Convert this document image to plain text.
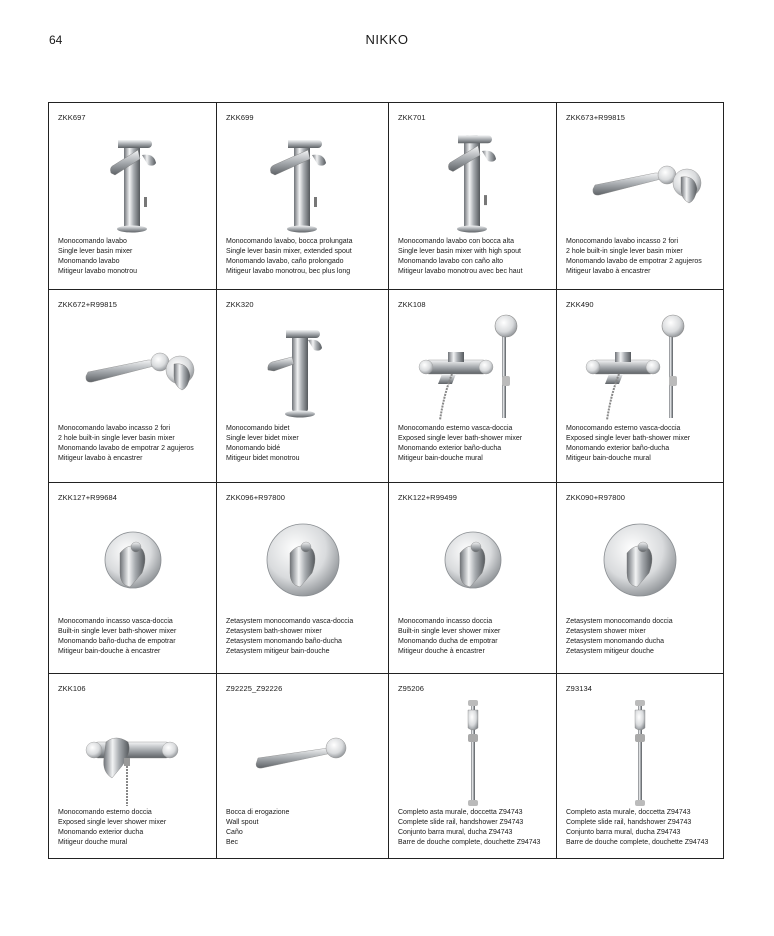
64	NIKKO
ZKK697
Monocomando lavabo
Single lever basin mixer
Monomando lavabo
Mitigeur lavabo monotrou
ZKK699
Monocomando lavabo, bocca prolungata
Single lever basin mixer, extended spout
Monomando lavabo, caño prolongado
Mitigeur lavabo monotrou, bec plus long
ZKK701
Monocomando lavabo con bocca alta
Single lever basin mixer with high spout
Monomando lavabo con caño alto
Mitigeur lavabo monotrou avec bec haut
ZKK673+R99815
Monocomando lavabo incasso 2 fori
2 hole built-in single lever basin mixer
Monomando lavabo de empotrar 2 agujeros
Mitigeur lavabo à encastrer
ZKK672+R99815
Monocomando lavabo incasso 2 fori
2 hole built-in single lever basin mixer
Monomando lavabo de empotrar 2 agujeros
Mitigeur lavabo à encastrer
ZKK320
Monocomando bidet
Single lever bidet mixer
Monomando bidé
Mitigeur bidet monotrou
ZKK108
Monocomando esterno vasca-doccia
Exposed single lever bath-shower mixer
Monomando exterior baño-ducha
Mitigeur bain-douche mural
ZKK490
Monocomando esterno vasca-doccia
Exposed single lever bath-shower mixer
Monomando exterior baño-ducha
Mitigeur bain-douche mural
ZKK127+R99684
Monocomando incasso vasca-doccia
Built-in single lever bath-shower mixer
Monomando baño-ducha de empotrar
Mitigeur bain-douche à encastrer
ZKK096+R97800
Zetasystem monocomando vasca-doccia
Zetasystem bath-shower mixer
Zetasystem monomando baño-ducha
Zetasystem mitigeur bain-douche
ZKK122+R99499
Monocomando incasso doccia
Built-in single lever shower mixer
Monomando ducha de empotrar
Mitigeur douche à encastrer
ZKK090+R97800
Zetasystem monocomando doccia
Zetasystem shower mixer
Zetasystem monomando ducha
Zetasystem mitigeur douche
ZKK106
Monocomando esterno doccia
Exposed single lever shower mixer
Monomando exterior ducha
Mitigeur douche mural
Z92225_Z92226
Bocca di erogazione
Wall spout
Caño
Bec
Z95206
Completo asta murale, doccetta Z94743
Complete slide rail, handshower Z94743
Conjunto barra mural, ducha Z94743
Barre de douche complete, douchette Z94743
Z93134
Completo asta murale, doccetta Z94743
Complete slide rail, handshower Z94743
Conjunto barra mural, ducha Z94743
Barre de douche complete, douchette Z94743
